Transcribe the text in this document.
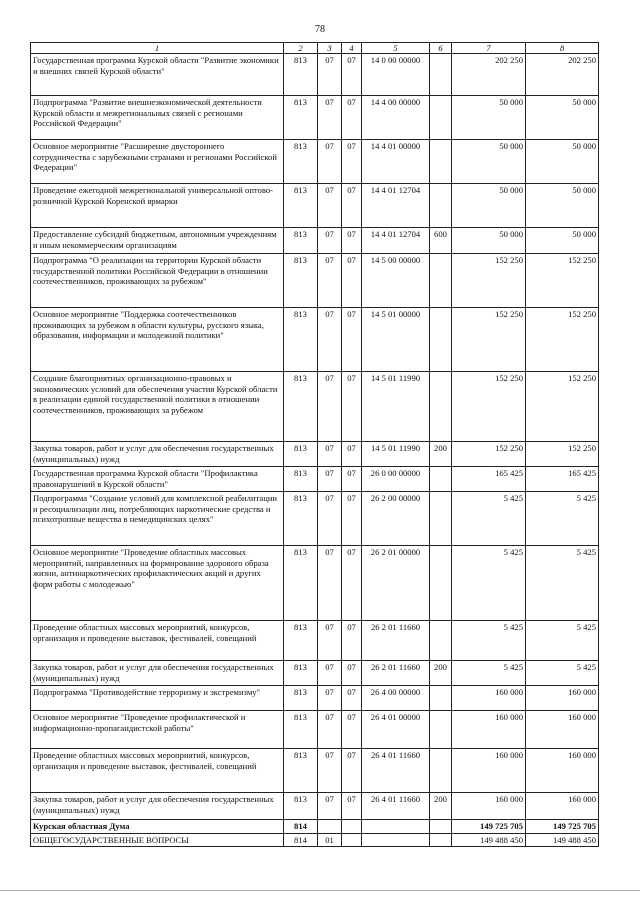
78
1	2	3	4	5	6	7	8
Государственная программа Курской области "Развитие экономики и внешних связей Курской области"	813	07	07	14 0 00 00000		202 250	202 250
Подпрограмма "Развитие внешнеэкономической деятельности Курской области и межрегиональных связей с регионами Российской Федерации"	813	07	07	14 4 00 00000		50 000	50 000
Основное мероприятие "Расширение двустороннего сотрудничества с зарубежными странами и регионами Российской Федерации"	813	07	07	14 4 01 00000		50 000	50 000
Проведение ежегодной межрегиональной универсальной оптово-розничной Курской Коренской ярмарки	813	07	07	14 4 01 12704		50 000	50 000
Предоставление субсидий бюджетным, автономным учреждениям и иным некоммерческим организациям	813	07	07	14 4 01 12704	600	50 000	50 000
Подпрограмма "О реализации на территории Курской области государственной политики Российской Федерации в отношении соотечественников, проживающих за рубежом"	813	07	07	14 5 00 00000		152 250	152 250
Основное мероприятие "Поддержка соотечественников проживающих за рубежом в области культуры, русского языка, образования, информации и молодежной политики"	813	07	07	14 5 01 00000		152 250	152 250
Создание благоприятных организационно-правовых и экономических условий для обеспечения участия Курской области в реализации единой государственной политики в отношении соотечественников, проживающих за рубежом	813	07	07	14 5 01 11990		152 250	152 250
Закупка товаров, работ и услуг для обеспечения государственных (муниципальных) нужд	813	07	07	14 5 01 11990	200	152 250	152 250
Государственная программа Курской области "Профилактика правонарушений в Курской области"	813	07	07	26 0 00 00000		165 425	165 425
Подпрограмма "Создание условий для комплексной реабилитации и ресоциализации лиц, потребляющих наркотические средства и психотропные вещества в немедицинских целях"	813	07	07	26 2 00 00000		5 425	5 425
Основное мероприятие "Проведение областных массовых мероприятий, направленных на формирование здорового образа жизни, антинаркотических профилактических акций и других форм работы с молодежью"	813	07	07	26 2 01 00000		5 425	5 425
Проведение областных массовых мероприятий, конкурсов, организация и проведение выставок, фестивалей, совещаний	813	07	07	26 2 01 11660		5 425	5 425
Закупка товаров, работ и услуг для обеспечения государственных (муниципальных) нужд	813	07	07	26 2 01 11660	200	5 425	5 425
Подпрограмма "Противодействие терроризму и экстремизму"	813	07	07	26 4 00 00000		160 000	160 000
Основное мероприятие "Проведение профилактической и информационно-пропагандистской работы"	813	07	07	26 4 01 00000		160 000	160 000
Проведение областных массовых мероприятий, конкурсов, организация и проведение выставок, фестивалей, совещаний	813	07	07	26 4 01 11660		160 000	160 000
Закупка товаров, работ и услуг для обеспечения государственных (муниципальных) нужд	813	07	07	26 4 01 11660	200	160 000	160 000
Курская областная Дума	814					149 725 705	149 725 705
ОБЩЕГОСУДАРСТВЕННЫЕ ВОПРОСЫ	814	01				149 488 450	149 488 450
